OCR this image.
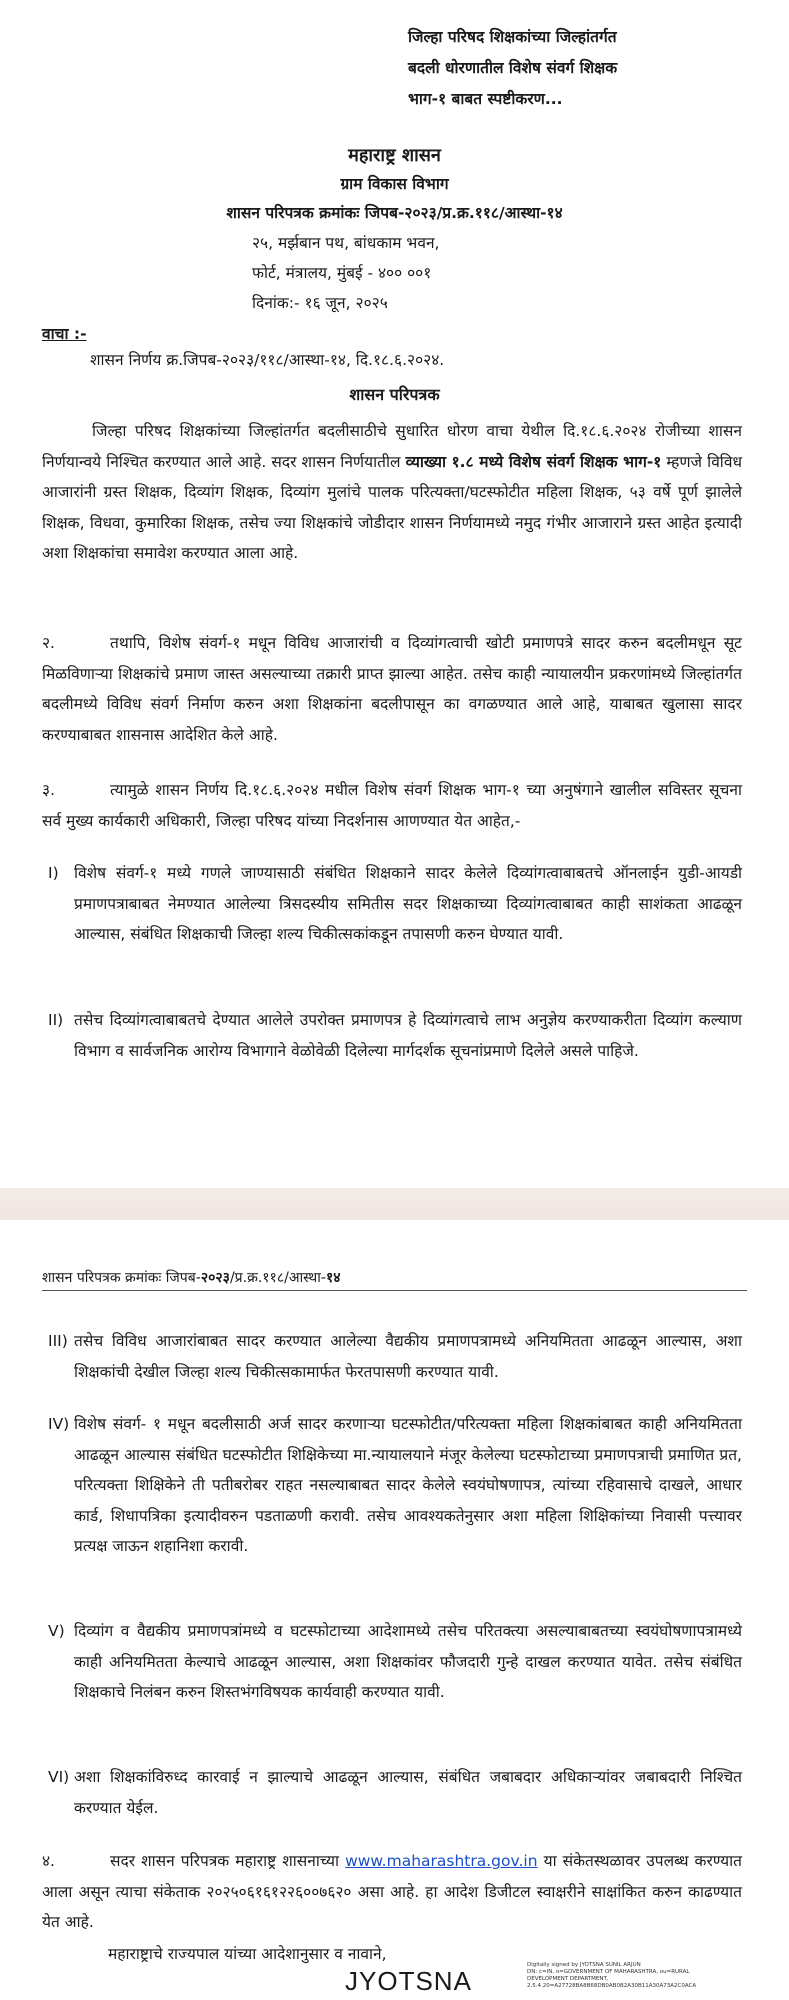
जिल्हा परिषद शिक्षकांच्या जिल्हांतर्गत
बदली धोरणातील विशेष संवर्ग शिक्षक
भाग-१ बाबत स्पष्टीकरण...
महाराष्ट्र शासन
ग्राम विकास विभाग
शासन परिपत्रक क्रमांकः जिपब-२०२३/प्र.क्र.११८/आस्था-१४
२५, मर्झबान पथ, बांधकाम भवन,
फोर्ट, मंत्रालय, मुंबई - ४०० ००१
दिनांक:- १६ जून, २०२५
वाचा :-
शासन निर्णय क्र.जिपब-२०२३/११८/आस्था-१४, दि.१८.६.२०२४.
शासन परिपत्रक
जिल्हा परिषद शिक्षकांच्या जिल्हांतर्गत बदलीसाठीचे सुधारित धोरण वाचा येथील दि.१८.६.२०२४ रोजीच्या शासन निर्णयान्वये निश्चित करण्यात आले आहे. सदर शासन निर्णयातील व्याख्या १.८ मध्ये विशेष संवर्ग शिक्षक भाग-१ म्हणजे विविध आजारांनी ग्रस्त शिक्षक, दिव्यांग शिक्षक, दिव्यांग मुलांचे पालक परित्यक्ता/घटस्फोटीत महिला शिक्षक, ५३ वर्षे पूर्ण झालेले शिक्षक, विधवा, कुमारिका शिक्षक, तसेच ज्या शिक्षकांचे जोडीदार शासन निर्णयामध्ये नमुद गंभीर आजाराने ग्रस्त आहेत इत्यादी अशा शिक्षकांचा समावेश करण्यात आला आहे.
२.	तथापि, विशेष संवर्ग-१ मधून विविध आजारांची व दिव्यांगत्वाची खोटी प्रमाणपत्रे सादर करुन बदलीमधून सूट मिळविणाऱ्या शिक्षकांचे प्रमाण जास्त असल्याच्या तक्रारी प्राप्त झाल्या आहेत. तसेच काही न्यायालयीन प्रकरणांमध्ये जिल्हांतर्गत बदलीमध्ये विविध संवर्ग निर्माण करुन अशा शिक्षकांना बदलीपासून का वगळण्यात आले आहे, याबाबत खुलासा सादर करण्याबाबत शासनास आदेशित केले आहे.
३.	त्यामुळे शासन निर्णय दि.१८.६.२०२४ मधील विशेष संवर्ग शिक्षक भाग-१ च्या अनुषंगाने खालील सविस्तर सूचना सर्व मुख्य कार्यकारी अधिकारी, जिल्हा परिषद यांच्या निदर्शनास आणण्यात येत आहेत,-
I) विशेष संवर्ग-१ मध्ये गणले जाण्यासाठी संबंधित शिक्षकाने सादर केलेले दिव्यांगत्वाबाबतचे ऑनलाईन युडी-आयडी प्रमाणपत्राबाबत नेमण्यात आलेल्या त्रिसदस्यीय समितीस सदर शिक्षकाच्या दिव्यांगत्वाबाबत काही साशंकता आढळून आल्यास, संबंधित शिक्षकाची जिल्हा शल्य चिकीत्सकांकडून तपासणी करुन घेण्यात यावी.
II) तसेच दिव्यांगत्वाबाबतचे देण्यात आलेले उपरोक्त प्रमाणपत्र हे दिव्यांगत्वाचे लाभ अनुज्ञेय करण्याकरीता दिव्यांग कल्याण विभाग व सार्वजनिक आरोग्य विभागाने वेळोवेळी दिलेल्या मार्गदर्शक सूचनांप्रमाणे दिलेले असले पाहिजे.
शासन परिपत्रक क्रमांकः जिपब-२०२३/प्र.क्र.११८/आस्था-१४
III) तसेच विविध आजारांबाबत सादर करण्यात आलेल्या वैद्यकीय प्रमाणपत्रामध्ये अनियमितता आढळून आल्यास, अशा शिक्षकांची देखील जिल्हा शल्य चिकीत्सकामार्फत फेरतपासणी करण्यात यावी.
IV) विशेष संवर्ग- १ मधून बदलीसाठी अर्ज सादर करणाऱ्या घटस्फोटीत/परित्यक्ता महिला शिक्षकांबाबत काही अनियमितता आढळून आल्यास संबंधित घटस्फोटीत शिक्षिकेच्या मा.न्यायालयाने मंजूर केलेल्या घटस्फोटाच्या प्रमाणपत्राची प्रमाणित प्रत, परित्यक्ता शिक्षिकेने ती पतीबरोबर राहत नसल्याबाबत सादर केलेले स्वयंघोषणापत्र, त्यांच्या रहिवासाचे दाखले, आधार कार्ड, शिधापत्रिका इत्यादीवरुन पडताळणी करावी. तसेच आवश्यकतेनुसार अशा महिला शिक्षिकांच्या निवासी पत्त्यावर प्रत्यक्ष जाऊन शहानिशा करावी.
V) दिव्यांग व वैद्यकीय प्रमाणपत्रांमध्ये व घटस्फोटाच्या आदेशामध्ये तसेच परितक्त्या असल्याबाबतच्या स्वयंघोषणापत्रामध्ये काही अनियमितता केल्याचे आढळून आल्यास, अशा शिक्षकांवर फौजदारी गुन्हे दाखल करण्यात यावेत. तसेच संबंधित शिक्षकाचे निलंबन करुन शिस्तभंगविषयक कार्यवाही करण्यात यावी.
VI) अशा शिक्षकांविरुध्द कारवाई न झाल्याचे आढळून आल्यास, संबंधित जबाबदार अधिकाऱ्यांवर जबाबदारी निश्चित करण्यात येईल.
४.	सदर शासन परिपत्रक महाराष्ट्र शासनाच्या www.maharashtra.gov.in या संकेतस्थळावर उपलब्ध करण्यात आला असून त्याचा संकेताक २०२५०६१६१२२६००७६२० असा आहे. हा आदेश डिजीटल स्वाक्षरीने साक्षांकित करुन काढण्यात येत आहे.
महाराष्ट्राचे राज्यपाल यांच्या आदेशानुसार व नावाने,
JYOTSNA
Digitally signed by JYOTSNA SUNIL ARJUN
DN: c=IN, o=GOVERNMENT OF MAHARASHTRA, ou=RURAL
DEVELOPMENT DEPARTMENT,
2.5.4.20=A27728BA8B68DB0AB0B2A30B11A30A73A2C0ACA
